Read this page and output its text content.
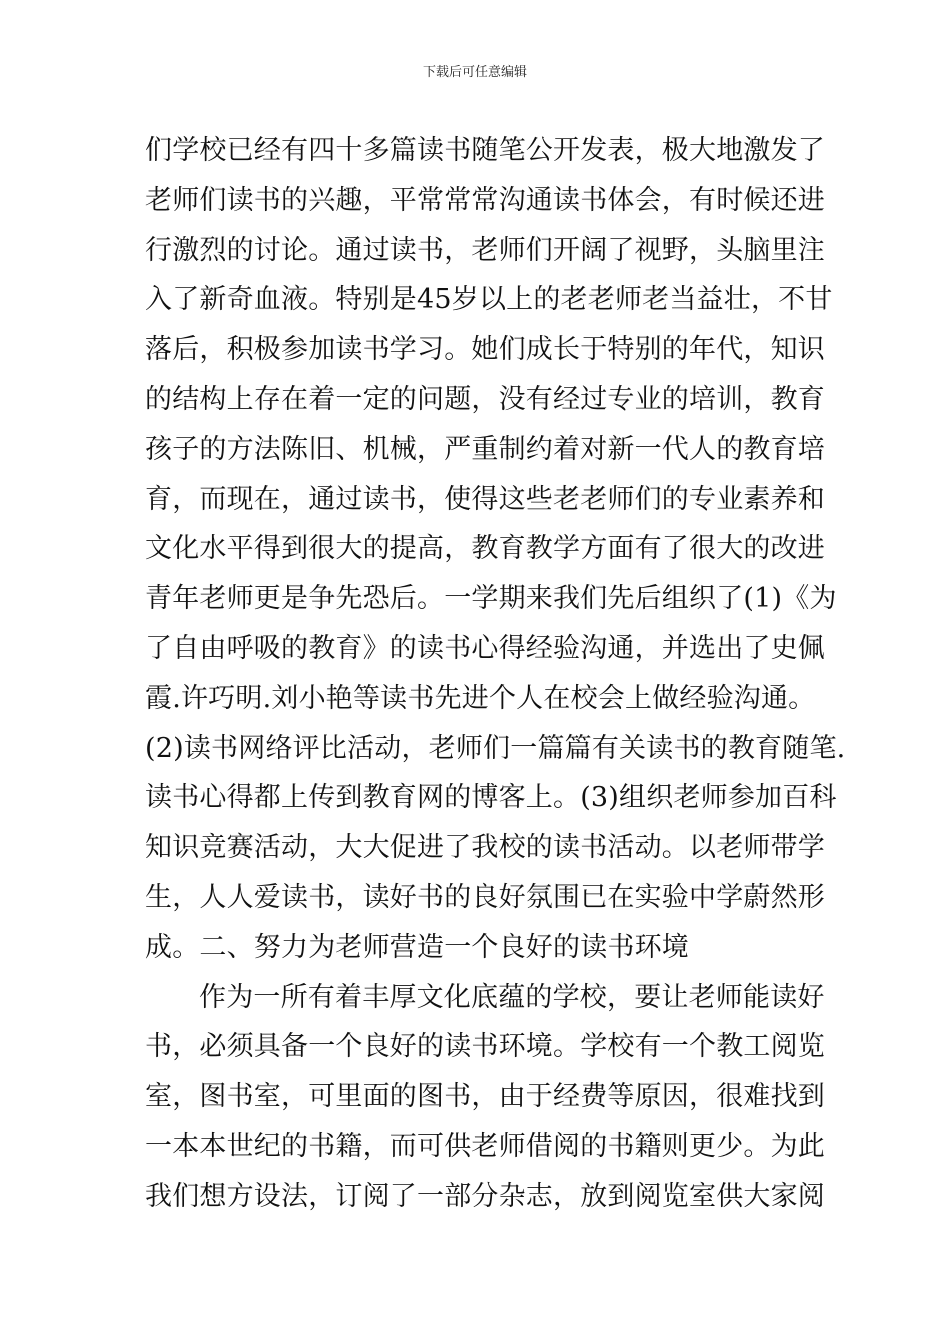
下载后可任意编辑
们学校已经有四十多篇读书随笔公开发表，极大地激发了
老师们读书的兴趣，平常常常沟通读书体会，有时候还进
行激烈的讨论。通过读书，老师们开阔了视野，头脑里注
入了新奇血液。特别是45岁以上的老老师老当益壮，不甘
落后，积极参加读书学习。她们成长于特别的年代，知识
的结构上存在着一定的问题，没有经过专业的培训，教育
孩子的方法陈旧、机械，严重制约着对新一代人的教育培
育，而现在，通过读书，使得这些老老师们的专业素养和
文化水平得到很大的提高，教育教学方面有了很大的改进
青年老师更是争先恐后。一学期来我们先后组织了(1)《为
了自由呼吸的教育》的读书心得经验沟通，并选出了史佩
霞.许巧明.刘小艳等读书先进个人在校会上做经验沟通。
(2)读书网络评比活动，老师们一篇篇有关读书的教育随笔.
读书心得都上传到教育网的博客上。(3)组织老师参加百科
知识竞赛活动，大大促进了我校的读书活动。以老师带学
生，人人爱读书，读好书的良好氛围已在实验中学蔚然形
成。二、努力为老师营造一个良好的读书环境
作为一所有着丰厚文化底蕴的学校，要让老师能读好
书，必须具备一个良好的读书环境。学校有一个教工阅览
室，图书室，可里面的图书，由于经费等原因，很难找到
一本本世纪的书籍，而可供老师借阅的书籍则更少。为此
我们想方设法，订阅了一部分杂志，放到阅览室供大家阅
